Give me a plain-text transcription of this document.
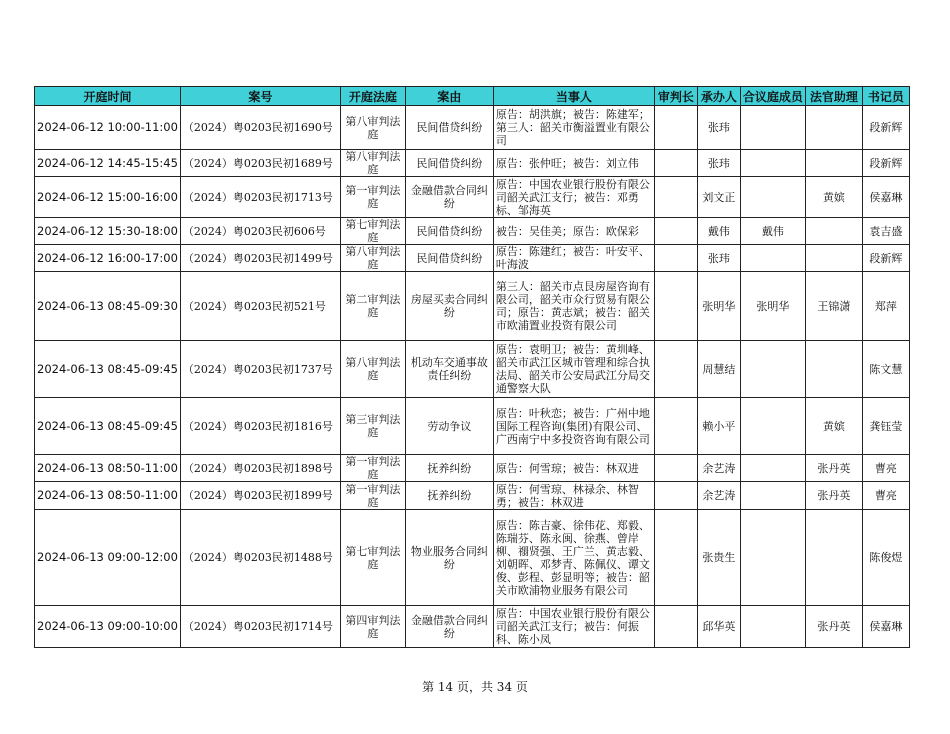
开庭时间	案号	开庭法庭	案由	当事人	审判长	承办人	合议庭成员	法官助理	书记员
2024-06-12 10:00-11:00	（2024）粤0203民初1690号	第八审判法庭	民间借贷纠纷	原告：胡洪旗；被告：陈建军；第三人：韶关市衡溢置业有限公司		张玮			段新辉
2024-06-12 14:45-15:45	（2024）粤0203民初1689号	第八审判法庭	民间借贷纠纷	原告：张仲旺；被告：刘立伟		张玮			段新辉
2024-06-12 15:00-16:00	（2024）粤0203民初1713号	第一审判法庭	金融借款合同纠纷	原告：中国农业银行股份有限公司韶关武江支行；被告：邓勇标、邹海英		刘文正		黄嫔	侯嘉琳
2024-06-12 15:30-18:00	（2024）粤0203民初606号	第七审判法庭	民间借贷纠纷	被告：吴佳美；原告：欧保彩		戴伟	戴伟		袁吉盛
2024-06-12 16:00-17:00	（2024）粤0203民初1499号	第八审判法庭	民间借贷纠纷	原告：陈建红；被告：叶安平、叶海波		张玮			段新辉
2024-06-13 08:45-09:30	（2024）粤0203民初521号	第二审判法庭	房屋买卖合同纠纷	第三人：韶关市点艮房屋咨询有限公司，韶关市众行贸易有限公司；原告：黄志斌；被告：韶关市欧浦置业投资有限公司		张明华	张明华	王锦潇	郑萍
2024-06-13 08:45-09:45	（2024）粤0203民初1737号	第八审判法庭	机动车交通事故责任纠纷	原告：袁明卫；被告：黄圳峰、韶关市武江区城市管理和综合执法局、韶关市公安局武江分局交通警察大队		周慧结			陈文慧
2024-06-13 08:45-09:45	（2024）粤0203民初1816号	第三审判法庭	劳动争议	原告：叶秋恋；被告：广州中地国际工程咨询(集团)有限公司、广西南宁中多投资咨询有限公司		赖小平		黄嫔	龚钰莹
2024-06-13 08:50-11:00	（2024）粤0203民初1898号	第一审判法庭	抚养纠纷	原告：何雪琼；被告：林双进		余艺涛		张丹英	曹亮
2024-06-13 08:50-11:00	（2024）粤0203民初1899号	第一审判法庭	抚养纠纷	原告：何雪琼、林禄余、林智勇；被告：林双进		余艺涛		张丹英	曹亮
2024-06-13 09:00-12:00	（2024）粤0203民初1488号	第七审判法庭	物业服务合同纠纷	原告：陈吉豪、徐伟花、郑毅、陈瑞芬、陈永闽、徐燕、曾岸柳、禤贤强、王广兰、黄志毅、刘朝晖、邓梦青、陈佩仪、谭文俊、彭程、彭显明等；被告：韶关市欧浦物业服务有限公司		张贵生			陈俊煜
2024-06-13 09:00-10:00	（2024）粤0203民初1714号	第四审判法庭	金融借款合同纠纷	原告：中国农业银行股份有限公司韶关武江支行；被告：何振科、陈小凤		邱华英		张丹英	侯嘉琳
第 14 页，共 34 页
